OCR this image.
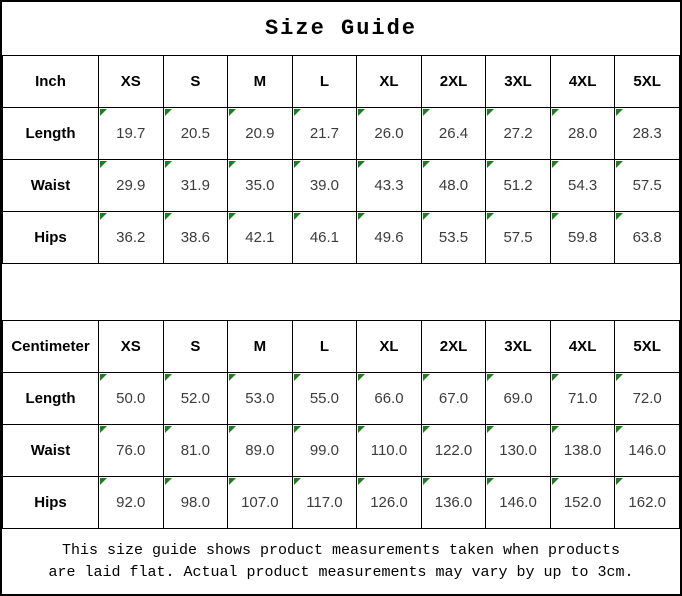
Size Guide
Inch	XS	S	M	L	XL	2XL	3XL	4XL	5XL
Length	19.7	20.5	20.9	21.7	26.0	26.4	27.2	28.0	28.3
Waist	29.9	31.9	35.0	39.0	43.3	48.0	51.2	54.3	57.5
Hips	36.2	38.6	42.1	46.1	49.6	53.5	57.5	59.8	63.8
Centimeter	XS	S	M	L	XL	2XL	3XL	4XL	5XL
Length	50.0	52.0	53.0	55.0	66.0	67.0	69.0	71.0	72.0
Waist	76.0	81.0	89.0	99.0	110.0	122.0	130.0	138.0	146.0
Hips	92.0	98.0	107.0	117.0	126.0	136.0	146.0	152.0	162.0
This size guide shows product measurements taken when products
are laid flat. Actual product measurements may vary by up to 3cm.
